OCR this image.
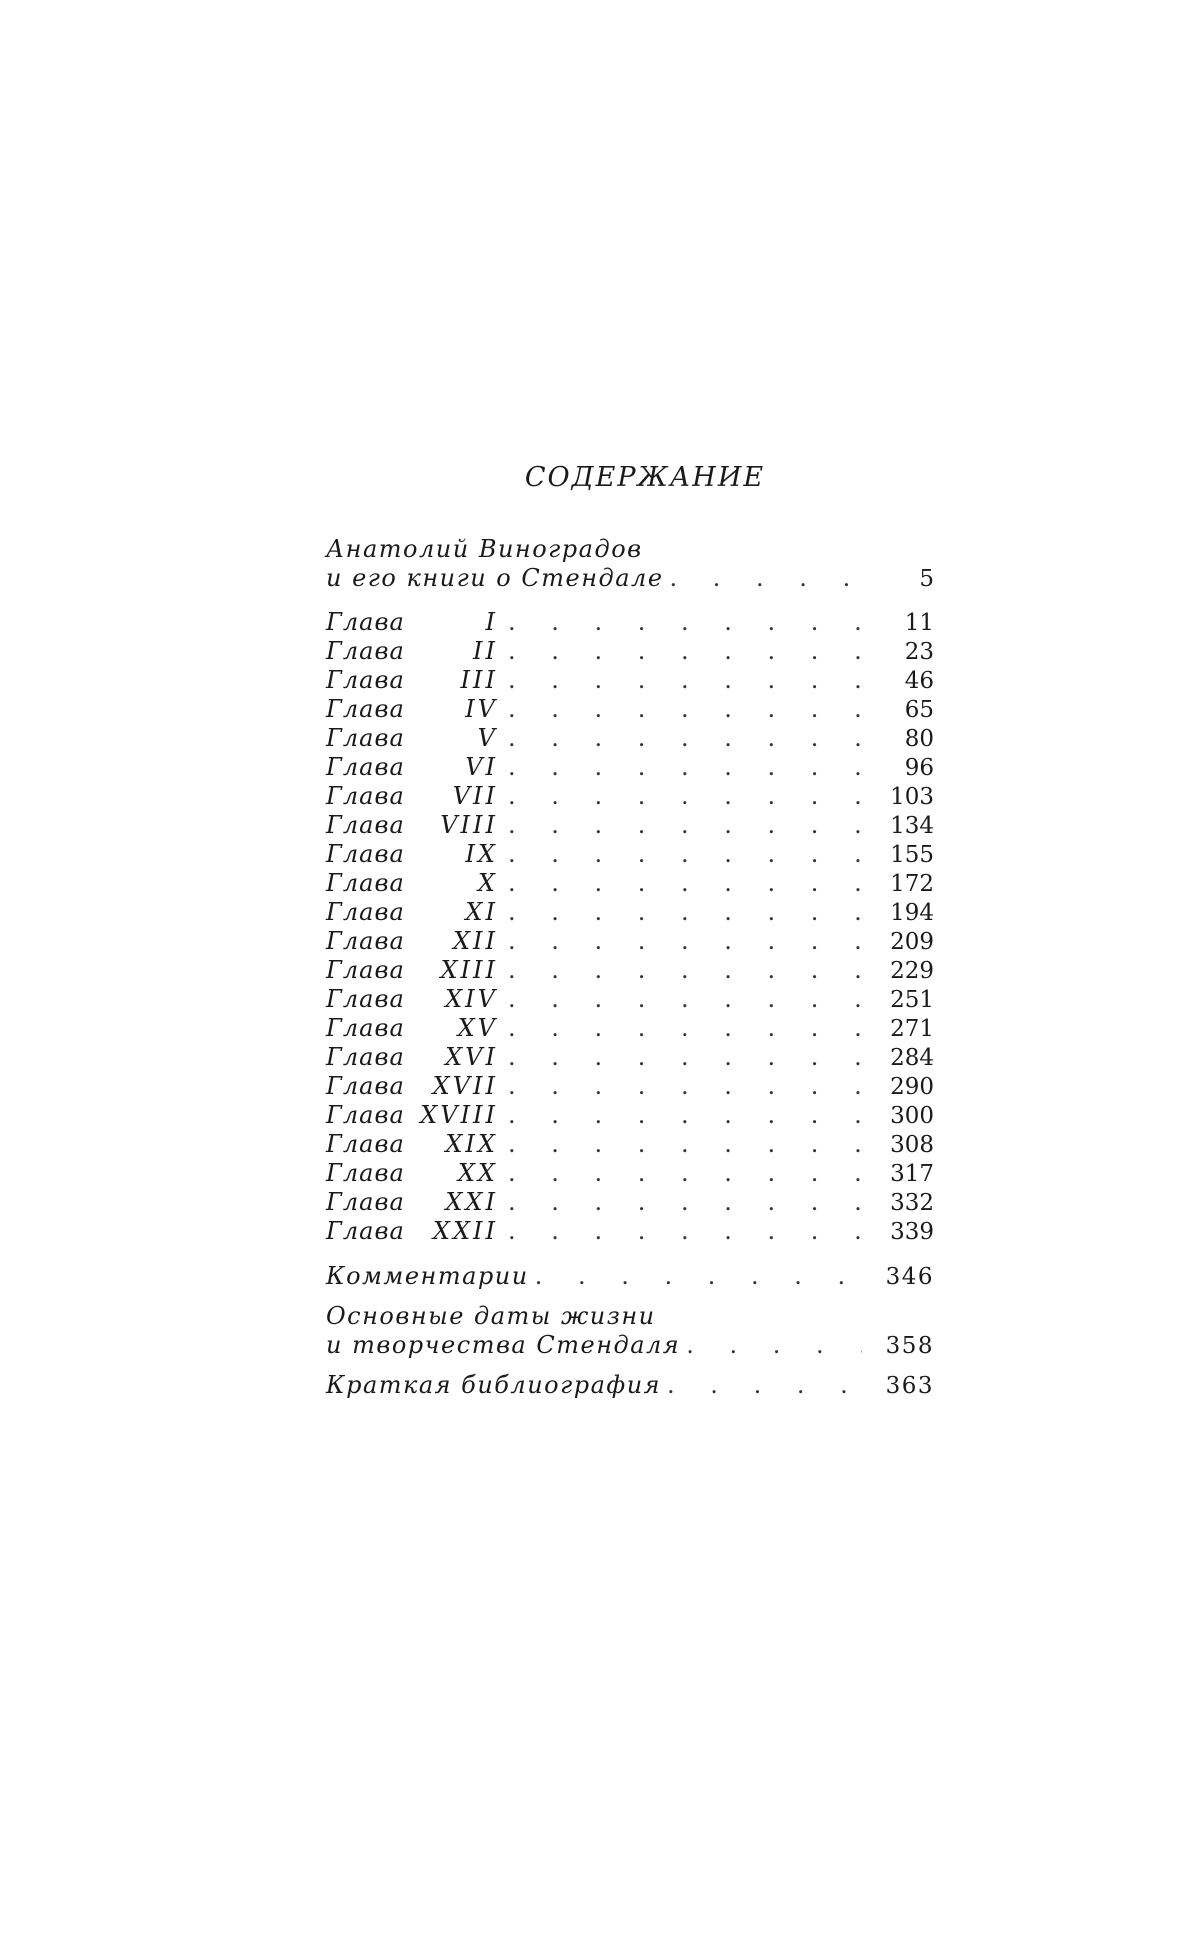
СОДЕРЖАНИЕ
Анатолий Виноградов
и его книги о Стендале . . .	5
Глава	I . . .	11
Глава	II . . .	23
Глава III . . .	46
Глава	IV . . .	65
Глава	V . . .	80
Глава	VI . . .	96
Глава VII . . .	103
Глава VIII . . .	134
Глава	IX . . .	155
Глава	X . . .	172
Глава	XI . . .	194
Глава XII . . .	209
Глава XIII . . .	229
Глава XIV . . .	251
Глава XV . . .	271
Глава XVI . . .	284
Глава XVII . . .	290
Глава XVIII . . .	300
Глава XIX . . .	308
Глава XX . . .	317
Глава XXI . . .	332
Глава XXII . . .	339
Комментарии . . .	346
Основные даты жизни
и творчества Стендаля . . .	358
Краткая библиография . . .	363
